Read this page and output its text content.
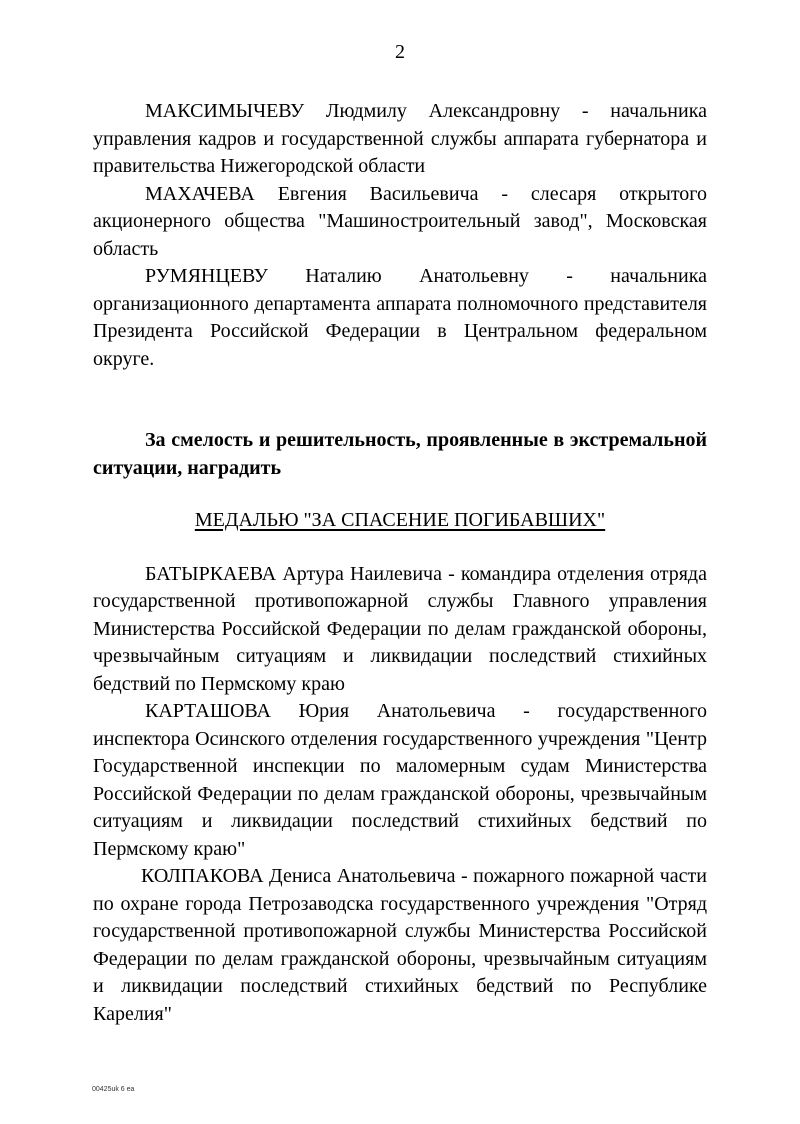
2

МАКСИМЫЧЕВУ Людмилу Александровну - начальника управления кадров и государственной службы аппарата губернатора и правительства Нижегородской области

МАХАЧЕВА Евгения Васильевича - слесаря открытого акционерного общества "Машиностроительный завод", Московская область

РУМЯНЦЕВУ Наталию Анатольевну - начальника организационного департамента аппарата полномочного представителя Президента Российской Федерации в Центральном федеральном округе.

За смелость и решительность, проявленные в экстремальной ситуации, наградить

МЕДАЛЬЮ "ЗА СПАСЕНИЕ ПОГИБАВШИХ"

БАТЫРКАЕВА Артура Наилевича - командира отделения отряда государственной противопожарной службы Главного управления Министерства Российской Федерации по делам гражданской обороны, чрезвычайным ситуациям и ликвидации последствий стихийных бедствий по Пермскому краю

КАРТАШОВА Юрия Анатольевича - государственного инспектора Осинского отделения государственного учреждения "Центр Государственной инспекции по маломерным судам Министерства Российской Федерации по делам гражданской обороны, чрезвычайным ситуациям и ликвидации последствий стихийных бедствий по Пермскому краю"

КОЛПАКОВА Дениса Анатольевича - пожарного пожарной части по охране города Петрозаводска государственного учреждения "Отряд государственной противопожарной службы Министерства Российской Федерации по делам гражданской обороны, чрезвычайным ситуациям и ликвидации последствий стихийных бедствий по Республике Карелия"

00425uk 6 ea
